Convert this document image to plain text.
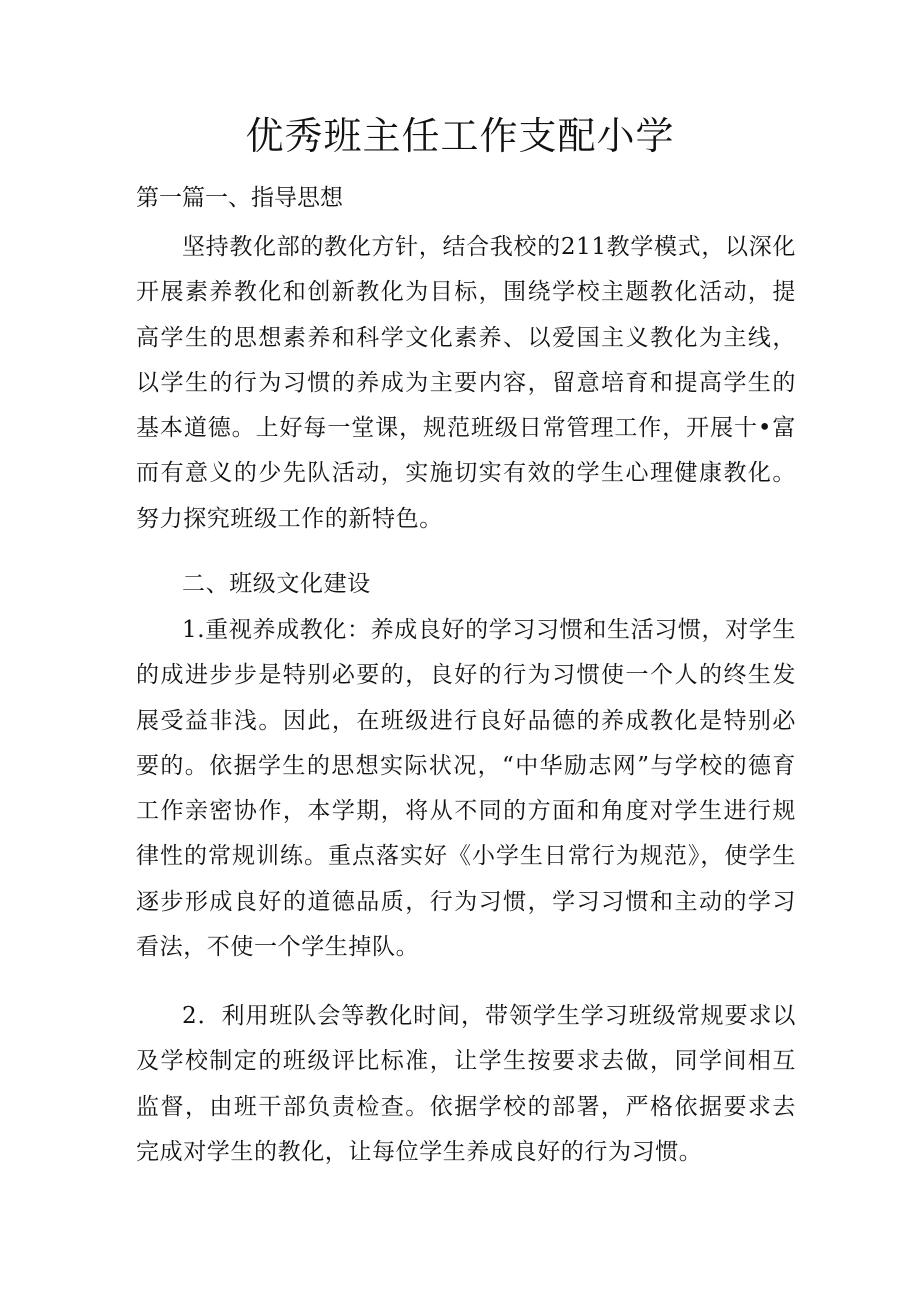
优秀班主任工作支配小学

第一篇一、指导思想

坚持教化部的教化方针，结合我校的211教学模式，以深化开展素养教化和创新教化为目标，围绕学校主题教化活动，提高学生的思想素养和科学文化素养、以爱国主义教化为主线，以学生的行为习惯的养成为主要内容，留意培育和提高学生的基本道德。上好每一堂课，规范班级日常管理工作，开展十•富而有意义的少先队活动，实施切实有效的学生心理健康教化。努力探究班级工作的新特色。

二、班级文化建设

1.重视养成教化：养成良好的学习习惯和生活习惯，对学生的成进步步是特别必要的，良好的行为习惯使一个人的终生发展受益非浅。因此，在班级进行良好品德的养成教化是特别必要的。依据学生的思想实际状况，“中华励志网”与学校的德育工作亲密协作，本学期，将从不同的方面和角度对学生进行规律性的常规训练。重点落实好《小学生日常行为规范》，使学生逐步形成良好的道德品质，行为习惯，学习习惯和主动的学习看法，不使一个学生掉队。

2．利用班队会等教化时间，带领学生学习班级常规要求以及学校制定的班级评比标准，让学生按要求去做，同学间相互监督，由班干部负责检查。依据学校的部署，严格依据要求去完成对学生的教化，让每位学生养成良好的行为习惯。
